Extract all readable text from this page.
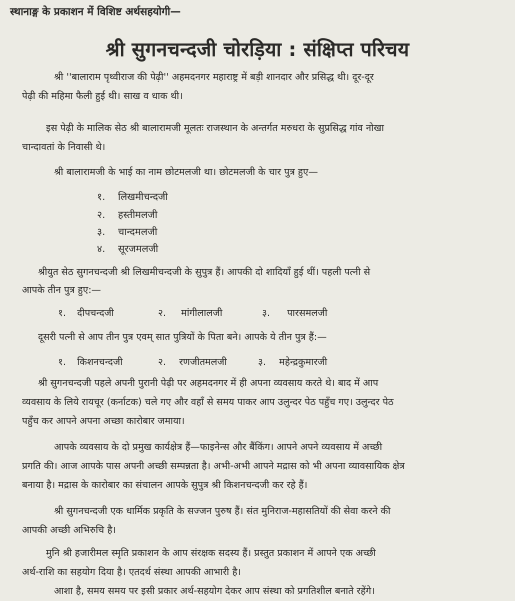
स्थानाङ्ग के प्रकाशन में विशिष्ट अर्थसहयोगी—
श्री सुगनचन्दजी चोरड़िया : संक्षिप्त परिचय
श्री ''बालाराम पृथ्वीराज की पेढ़ी'' अहमदनगर महाराष्ट्र में बड़ी शानदार और प्रसिद्ध थी। दूर-दूर
पेढ़ी की महिमा फैली हुई थी। साख व धाक थी।
इस पेढ़ी के मालिक सेठ श्री बालारामजी मूलतः राजस्थान के अन्तर्गत मरुधरा के सुप्रसिद्ध गांव नोखा
चान्दावतां के निवासी थे।
श्री बालारामजी के भाई का नाम छोटमलजी था। छोटमलजी के चार पुत्र हुए—
१. लिखमीचन्दजी
२. हस्तीमलजी
३. चान्दमलजी
४. सूरजमलजी
श्रीयुत सेठ सुगनचन्दजी श्री लिखमीचन्दजी के सुपुत्र हैं। आपकी दो शादियाँ हुई थीं। पहली पत्नी से
आपके तीन पुत्र हुए:—
१. दीपचन्दजी	२. मांगीलालजी	३. पारसमलजी
दूसरी पत्नी से आप तीन पुत्र एवम् सात पुत्रियों के पिता बने। आपके ये तीन पुत्र हैं:—
१. किशनचन्दजी	२. रणजीतमलजी	३. महेन्द्रकुमारजी
श्री सुगनचन्दजी पहले अपनी पुरानी पेढ़ी पर अहमदनगर में ही अपना व्यवसाय करते थे। बाद में आप
व्यवसाय के लिये रायचूर (कर्नाटक) चले गए और वहाँ से समय पाकर आप उलुन्दर पेठ पहुँच गए। उलुन्दर पेठ
पहुँच कर आपने अपना अच्छा कारोबार जमाया।
आपके व्यवसाय के दो प्रमुख कार्यक्षेत्र हैं—फाइनेन्स और बैंकिंग। आपने अपने व्यवसाय में अच्छी
प्रगति की। आज आपके पास अपनी अच्छी सम्पन्नता है। अभी-अभी आपने मद्रास को भी अपना व्यावसायिक क्षेत्र
बनाया है। मद्रास के कारोबार का संचालन आपके सुपुत्र श्री किशनचन्दजी कर रहे हैं।
श्री सुगनचन्दजी एक धार्मिक प्रकृति के सज्जन पुरुष हैं। संत मुनिराज-महासतियों की सेवा करने की
आपकी अच्छी अभिरुचि है।
मुनि श्री हजारीमल स्मृति प्रकाशन के आप संरक्षक सदस्य हैं। प्रस्तुत प्रकाशन में आपने एक अच्छी
अर्थ-राशि का सहयोग दिया है। एतदर्थ संस्था आपकी आभारी है।
आशा है, समय समय पर इसी प्रकार अर्थ-सहयोग देकर आप संस्था को प्रगतिशील बनाते रहेंगे।
